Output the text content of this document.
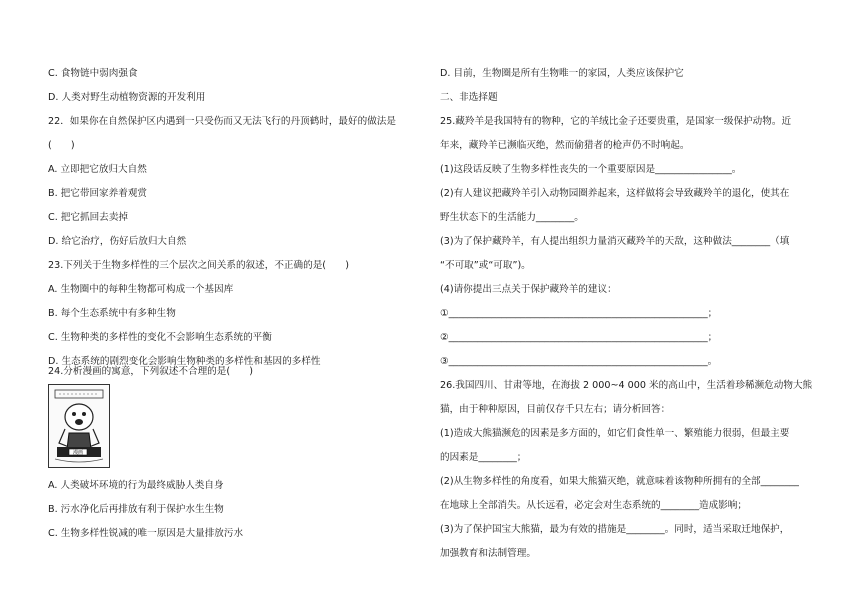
C. 食物链中弱肉强食
D. 人类对野生动植物资源的开发利用
22．如果你在自然保护区内遇到一只受伤而又无法飞行的丹顶鹤时，最好的做法是
(　　)
A. 立即把它放归大自然
B. 把它带回家养着观赏
C. 把它抓回去卖掉
D. 给它治疗，伤好后放归大自然
23.下列关于生物多样性的三个层次之间关系的叙述，不正确的是(　　)
A. 生物圈中的每种生物都可构成一个基因库
B. 每个生态系统中有多种生物
C. 生物种类的多样性的变化不会影响生态系统的平衡
D. 生态系统的剧烈变化会影响生物种类的多样性和基因的多样性
24.分析漫画的寓意，下列叙述不合理的是(　　)
漫画
A. 人类破坏环境的行为最终威胁人类自身
B. 污水净化后再排放有利于保护水生生物
C. 生物多样性锐减的唯一原因是大量排放污水
D. 目前，生物圈是所有生物唯一的家园，人类应该保护它
二、非选择题
25.藏羚羊是我国特有的物种，它的羊绒比金子还要贵重，是国家一级保护动物。近
年来，藏羚羊已濒临灭绝，然而偷猎者的枪声仍不时响起。
(1)这段话反映了生物多样性丧失的一个重要原因是________________。
(2)有人建议把藏羚羊引入动物园圈养起来，这样做将会导致藏羚羊的退化，使其在
野生状态下的生活能力________。
(3)为了保护藏羚羊，有人提出组织力量消灭藏羚羊的天敌，这种做法________（填
“不可取”或“可取”)。
(4)请你提出三点关于保护藏羚羊的建议：
①______________________________________________________；
②______________________________________________________；
③______________________________________________________。
26.我国四川、甘肃等地，在海拔 2 000~4 000 米的高山中，生活着珍稀濒危动物大熊
猫，由于种种原因，目前仅存千只左右；请分析回答：
(1)造成大熊猫濒危的因素是多方面的，如它们食性单一、繁殖能力很弱，但最主要
的因素是________；
(2)从生物多样性的角度看，如果大熊猫灭绝，就意味着该物种所拥有的全部________
在地球上全部消失。从长远看，必定会对生态系统的________造成影响；
(3)为了保护国宝大熊猫，最为有效的措施是________。同时，适当采取迁地保护，
加强教育和法制管理。
